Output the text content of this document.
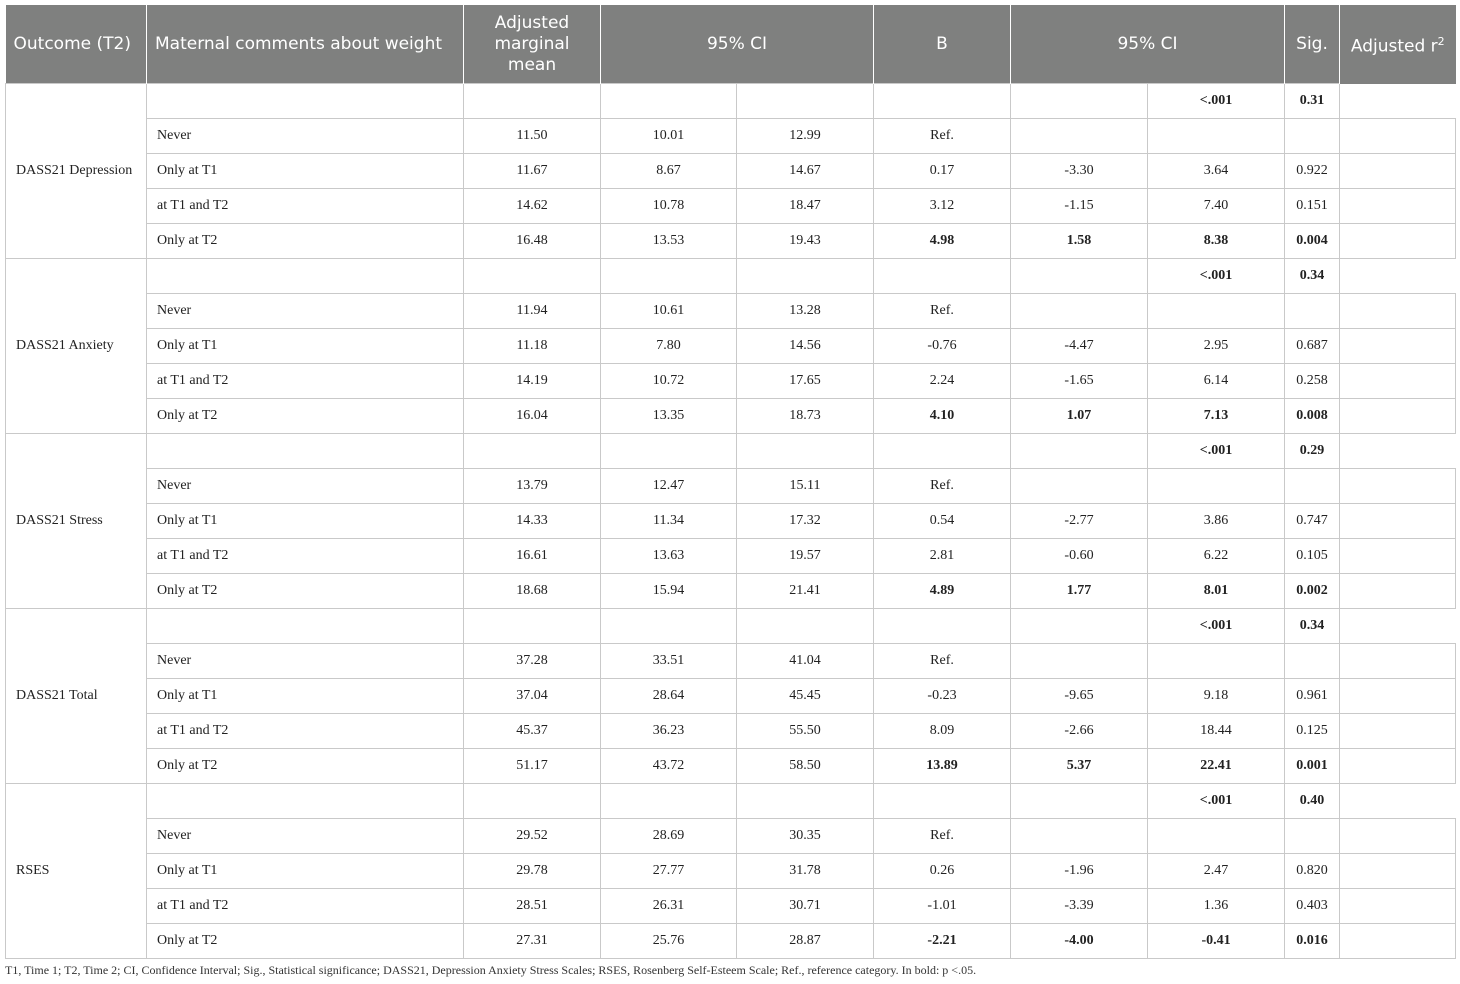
Outcome (T2)	Maternal comments about weight	Adjusted marginal mean	95% CI		B	95% CI		Sig.	Adjusted $r^2$
DASS21 Depression							<.001	0.31	
	Never	11.50	10.01	12.99	Ref.				
	Only at T1	11.67	8.67	14.67	0.17	-3.30	3.64	0.922	
	at T1 and T2	14.62	10.78	18.47	3.12	-1.15	7.40	0.151	
	Only at T2	16.48	13.53	19.43	4.98	1.58	8.38	0.004	
DASS21 Anxiety							<.001	0.34	
	Never	11.94	10.61	13.28	Ref.				
	Only at T1	11.18	7.80	14.56	-0.76	-4.47	2.95	0.687	
	at T1 and T2	14.19	10.72	17.65	2.24	-1.65	6.14	0.258	
	Only at T2	16.04	13.35	18.73	4.10	1.07	7.13	0.008	
DASS21 Stress							<.001	0.29	
	Never	13.79	12.47	15.11	Ref.				
	Only at T1	14.33	11.34	17.32	0.54	-2.77	3.86	0.747	
	at T1 and T2	16.61	13.63	19.57	2.81	-0.60	6.22	0.105	
	Only at T2	18.68	15.94	21.41	4.89	1.77	8.01	0.002	
DASS21 Total							<.001	0.34	
	Never	37.28	33.51	41.04	Ref.				
	Only at T1	37.04	28.64	45.45	-0.23	-9.65	9.18	0.961	
	at T1 and T2	45.37	36.23	55.50	8.09	-2.66	18.44	0.125	
	Only at T2	51.17	43.72	58.50	13.89	5.37	22.41	0.001	
RSES							<.001	0.40	
	Never	29.52	28.69	30.35	Ref.				
	Only at T1	29.78	27.77	31.78	0.26	-1.96	2.47	0.820	
	at T1 and T2	28.51	26.31	30.71	-1.01	-3.39	1.36	0.403	
	Only at T2	27.31	25.76	28.87	-2.21	-4.00	-0.41	0.016	
T1, Time 1; T2, Time 2; CI, Confidence Interval; Sig., Statistical significance; DASS21, Depression Anxiety Stress Scales; RSES, Rosenberg Self-Esteem Scale; Ref., reference category. In bold: p <.05.
